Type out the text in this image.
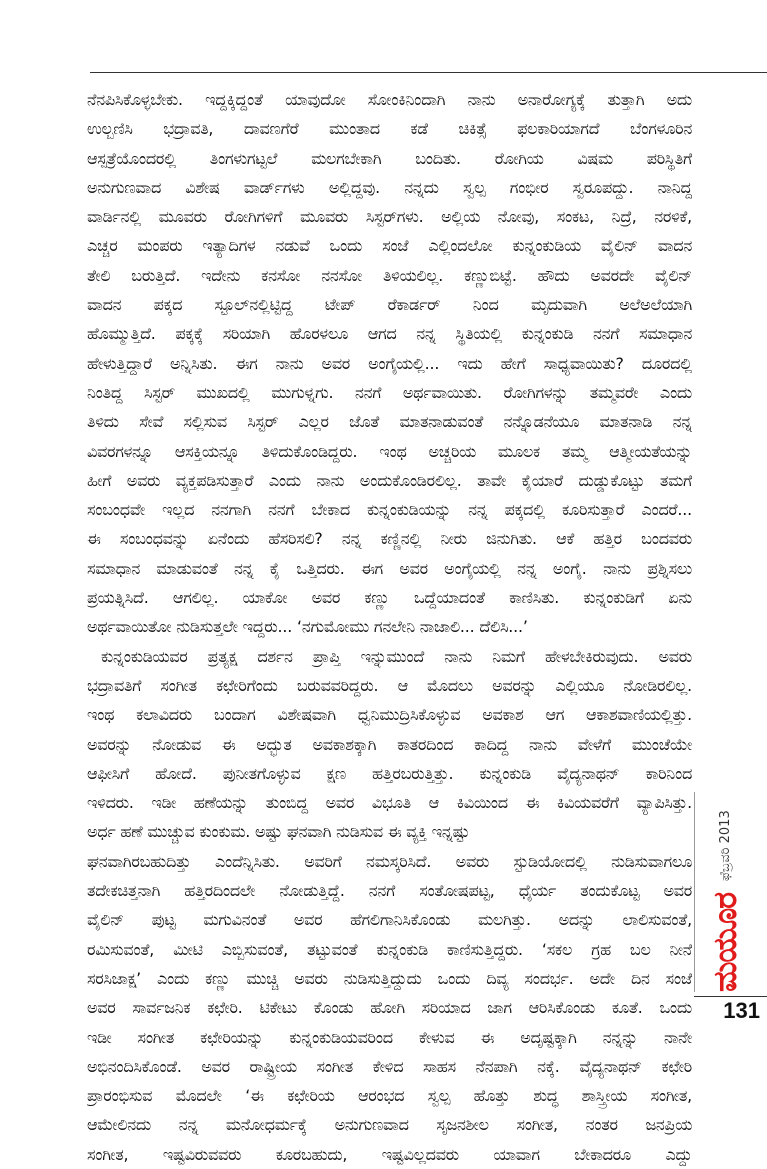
ನೆನಪಿಸಿಕೊಳ್ಳಬೇಕು. ಇದ್ದಕ್ಕಿದ್ದಂತೆ ಯಾವುದೋ ಸೋಂಕಿನಿಂದಾಗಿ ನಾನು ಅನಾರೋಗ್ಯಕ್ಕೆ ತುತ್ತಾಗಿ ಅದು
ಉಲ್ಬಣಿಸಿ ಭದ್ರಾವತಿ, ದಾವಣಗೆರೆ ಮುಂತಾದ ಕಡೆ ಚಿಕಿತ್ಸೆ ಫಲಕಾರಿಯಾಗದೆ ಬೆಂಗಳೂರಿನ
ಆಸ್ಪತ್ರೆಯೊಂದರಲ್ಲಿ ತಿಂಗಳುಗಟ್ಟಲೆ ಮಲಗಬೇಕಾಗಿ ಬಂದಿತು. ರೋಗಿಯ ವಿಷಮ ಪರಿಸ್ಥಿತಿಗೆ
ಅನುಗುಣವಾದ ವಿಶೇಷ ವಾರ್ಡ್‌ಗಳು ಅಲ್ಲಿದ್ದವು. ನನ್ನದು ಸ್ವಲ್ಪ ಗಂಭೀರ ಸ್ವರೂಪದ್ದು. ನಾನಿದ್ದ
ವಾರ್ಡಿನಲ್ಲಿ ಮೂವರು ರೋಗಿಗಳಿಗೆ ಮೂವರು ಸಿಸ್ಟರ್‌ಗಳು. ಅಲ್ಲಿಯ ನೋವು, ಸಂಕಟ, ನಿದ್ರೆ, ನರಳಿಕೆ,
ಎಚ್ಚರ ಮಂಪರು ಇತ್ಯಾದಿಗಳ ನಡುವೆ ಒಂದು ಸಂಜೆ ಎಲ್ಲಿಂದಲೋ ಕುನ್ನಂಕುಡಿಯ ವೈಲಿನ್ ವಾದನ
ತೇಲಿ ಬರುತ್ತಿದೆ. ಇದೇನು ಕನಸೋ ನನಸೋ ತಿಳಿಯಲಿಲ್ಲ. ಕಣ್ಣುಬಿಟ್ಟೆ. ಹೌದು ಅವರದೇ ವೈಲಿನ್
ವಾದನ ಪಕ್ಕದ ಸ್ಟೂಲ್‌ನಲ್ಲಿಟ್ಟಿದ್ದ ಟೇಪ್ ರೆಕಾರ್ಡರ್ ನಿಂದ ಮೃದುವಾಗಿ ಅಲೆಅಲೆಯಾಗಿ
ಹೊಮ್ಮುತ್ತಿದೆ. ಪಕ್ಕಕ್ಕೆ ಸರಿಯಾಗಿ ಹೊರಳಲೂ ಆಗದ ನನ್ನ ಸ್ಥಿತಿಯಲ್ಲಿ ಕುನ್ನಂಕುಡಿ ನನಗೆ ಸಮಾಧಾನ
ಹೇಳುತ್ತಿದ್ದಾರೆ ಅನ್ನಿಸಿತು. ಈಗ ನಾನು ಅವರ ಅಂಗೈಯಲ್ಲಿ... ಇದು ಹೇಗೆ ಸಾಧ್ಯವಾಯಿತು? ದೂರದಲ್ಲಿ
ನಿಂತಿದ್ದ ಸಿಸ್ಟರ್ ಮುಖದಲ್ಲಿ ಮುಗುಳ್ನಗು. ನನಗೆ ಅರ್ಥವಾಯಿತು. ರೋಗಿಗಳನ್ನು ತಮ್ಮವರೇ ಎಂದು
ತಿಳಿದು ಸೇವೆ ಸಲ್ಲಿಸುವ ಸಿಸ್ಟರ್ ಎಲ್ಲರ ಜೊತೆ ಮಾತನಾಡುವಂತೆ ನನ್ನೊಡನೆಯೂ ಮಾತನಾಡಿ ನನ್ನ
ವಿವರಗಳನ್ನೂ ಆಸಕ್ತಿಯನ್ನೂ ತಿಳಿದುಕೊಂಡಿದ್ದರು. ಇಂಥ ಅಚ್ಚರಿಯ ಮೂಲಕ ತಮ್ಮ ಆತ್ಮೀಯತೆಯನ್ನು
ಹೀಗೆ ಅವರು ವ್ಯಕ್ತಪಡಿಸುತ್ತಾರೆ ಎಂದು ನಾನು ಅಂದುಕೊಂಡಿರಲಿಲ್ಲ. ತಾವೇ ಕೈಯಾರೆ ದುಡ್ಡುಕೊಟ್ಟು ತಮಗೆ
ಸಂಬಂಧವೇ ಇಲ್ಲದ ನನಗಾಗಿ ನನಗೆ ಬೇಕಾದ ಕುನ್ನಂಕುಡಿಯನ್ನು ನನ್ನ ಪಕ್ಕದಲ್ಲಿ ಕೂರಿಸುತ್ತಾರೆ ಎಂದರೆ...
ಈ ಸಂಬಂಧವನ್ನು ಏನೆಂದು ಹೆಸರಿಸಲಿ? ನನ್ನ ಕಣ್ಣಿನಲ್ಲಿ ನೀರು ಜಿನುಗಿತು. ಆಕೆ ಹತ್ತಿರ ಬಂದವರು
ಸಮಾಧಾನ ಮಾಡುವಂತೆ ನನ್ನ ಕೈ ಒತ್ತಿದರು. ಈಗ ಅವರ ಅಂಗೈಯಲ್ಲಿ ನನ್ನ ಅಂಗೈ. ನಾನು ಪ್ರಶ್ನಿಸಲು
ಪ್ರಯತ್ನಿಸಿದೆ. ಆಗಲಿಲ್ಲ. ಯಾಕೋ ಅವರ ಕಣ್ಣು ಒದ್ದೆಯಾದಂತೆ ಕಾಣಿಸಿತು. ಕುನ್ನಂಕುಡಿಗೆ ಏನು
ಅರ್ಥವಾಯಿತೋ ನುಡಿಸುತ್ತಲೇ ಇದ್ದರು... ‘ನಗುಮೋಮು ಗನಲೇನಿ ನಾಜಾಲಿ... ದೆಲಿಸಿ...’
ಕುನ್ನಂಕುಡಿಯವರ ಪ್ರತ್ಯಕ್ಷ ದರ್ಶನ ಪ್ರಾಪ್ತಿ ಇನ್ನುಮುಂದೆ ನಾನು ನಿಮಗೆ ಹೇಳಬೇಕಿರುವುದು. ಅವರು
ಭದ್ರಾವತಿಗೆ ಸಂಗೀತ ಕಛೇರಿಗೆಂದು ಬರುವವರಿದ್ದರು. ಆ ಮೊದಲು ಅವರನ್ನು ಎಲ್ಲಿಯೂ ನೋಡಿರಲಿಲ್ಲ.
ಇಂಥ ಕಲಾವಿದರು ಬಂದಾಗ ವಿಶೇಷವಾಗಿ ಧ್ವನಿಮುದ್ರಿಸಿಕೊಳ್ಳುವ ಅವಕಾಶ ಆಗ ಆಕಾಶವಾಣಿಯಲ್ಲಿತ್ತು.
ಅವರನ್ನು ನೋಡುವ ಈ ಅದ್ಭುತ ಅವಕಾಶಕ್ಕಾಗಿ ಕಾತರದಿಂದ ಕಾದಿದ್ದ ನಾನು ವೇಳೆಗೆ ಮುಂಚೆಯೇ
ಆಫೀಸಿಗೆ ಹೋದೆ. ಪುನೀತಗೊಳ್ಳುವ ಕ್ಷಣ ಹತ್ತಿರಬರುತ್ತಿತ್ತು. ಕುನ್ನಂಕುಡಿ ವೈದ್ಯನಾಥನ್ ಕಾರಿನಿಂದ
ಇಳಿದರು. ಇಡೀ ಹಣೆಯನ್ನು ತುಂಬಿದ್ದ ಅವರ ವಿಭೂತಿ ಆ ಕಿವಿಯಿಂದ ಈ ಕಿವಿಯವರೆಗೆ ವ್ಯಾಪಿಸಿತ್ತು.
ಅರ್ಧ ಹಣೆ ಮುಚ್ಚುವ ಕುಂಕುಮ. ಅಷ್ಟು ಘನವಾಗಿ ನುಡಿಸುವ ಈ ವ್ಯಕ್ತಿ ಇನ್ನಷ್ಟು
ಘನವಾಗಿರಬಹುದಿತ್ತು ಎಂದೆನ್ನಿಸಿತು. ಅವರಿಗೆ ನಮಸ್ಕರಿಸಿದೆ. ಅವರು ಸ್ಟುಡಿಯೋದಲ್ಲಿ ನುಡಿಸುವಾಗಲೂ
ತದೇಕಚಿತ್ತನಾಗಿ ಹತ್ತಿರದಿಂದಲೇ ನೋಡುತ್ತಿದ್ದೆ. ನನಗೆ ಸಂತೋಷಪಟ್ಟ, ಧೈರ್ಯ ತಂದುಕೊಟ್ಟ ಅವರ
ವೈಲಿನ್ ಪುಟ್ಟ ಮಗುವಿನಂತೆ ಅವರ ಹೆಗಲಿಗಾನಿಸಿಕೊಂಡು ಮಲಗಿತ್ತು. ಅದನ್ನು ಲಾಲಿಸುವಂತೆ,
ರಮಿಸುವಂತೆ, ಮೀಟಿ ಎಬ್ಬಿಸುವಂತೆ, ತಟ್ಟುವಂತೆ ಕುನ್ನಂಕುಡಿ ಕಾಣಿಸುತ್ತಿದ್ದರು. ‘ಸಕಲ ಗ್ರಹ ಬಲ ನೀನೆ
ಸರಸಿಜಾಕ್ಷ’ ಎಂದು ಕಣ್ಣು ಮುಚ್ಚಿ ಅವರು ನುಡಿಸುತ್ತಿದ್ದುದು ಒಂದು ದಿವ್ಯ ಸಂದರ್ಭ. ಅದೇ ದಿನ ಸಂಜೆ
ಅವರ ಸಾರ್ವಜನಿಕ ಕಛೇರಿ. ಟಿಕೇಟು ಕೊಂಡು ಹೋಗಿ ಸರಿಯಾದ ಜಾಗ ಆರಿಸಿಕೊಂಡು ಕೂತೆ. ಒಂದು
ಇಡೀ ಸಂಗೀತ ಕಛೇರಿಯನ್ನು ಕುನ್ನಂಕುಡಿಯವರಿಂದ ಕೇಳುವ ಈ ಅದೃಷ್ಟಕ್ಕಾಗಿ ನನ್ನನ್ನು ನಾನೇ
ಅಭಿನಂದಿಸಿಕೊಂಡೆ. ಅವರ ರಾಷ್ಟ್ರೀಯ ಸಂಗೀತ ಕೇಳಿದ ಸಾಹಸ ನೆನಪಾಗಿ ನಕ್ಕೆ. ವೈದ್ಯನಾಥನ್ ಕಛೇರಿ
ಪ್ರಾರಂಭಿಸುವ ಮೊದಲೇ ‘ಈ ಕಛೇರಿಯ ಆರಂಭದ ಸ್ವಲ್ಪ ಹೊತ್ತು ಶುದ್ಧ ಶಾಸ್ತ್ರೀಯ ಸಂಗೀತ,
ಆಮೇಲಿನದು ನನ್ನ ಮನೋಧರ್ಮಕ್ಕೆ ಅನುಗುಣವಾದ ಸೃಜನಶೀಲ ಸಂಗೀತ, ನಂತರ ಜನಪ್ರಿಯ
ಸಂಗೀತ, ಇಷ್ಟವಿರುವವರು ಕೂರಬಹುದು, ಇಷ್ಟವಿಲ್ಲದವರು ಯಾವಾಗ ಬೇಕಾದರೂ ಎದ್ದು
ಮಯೂರ
ಫೆಬ್ರವರಿ 2013
131
